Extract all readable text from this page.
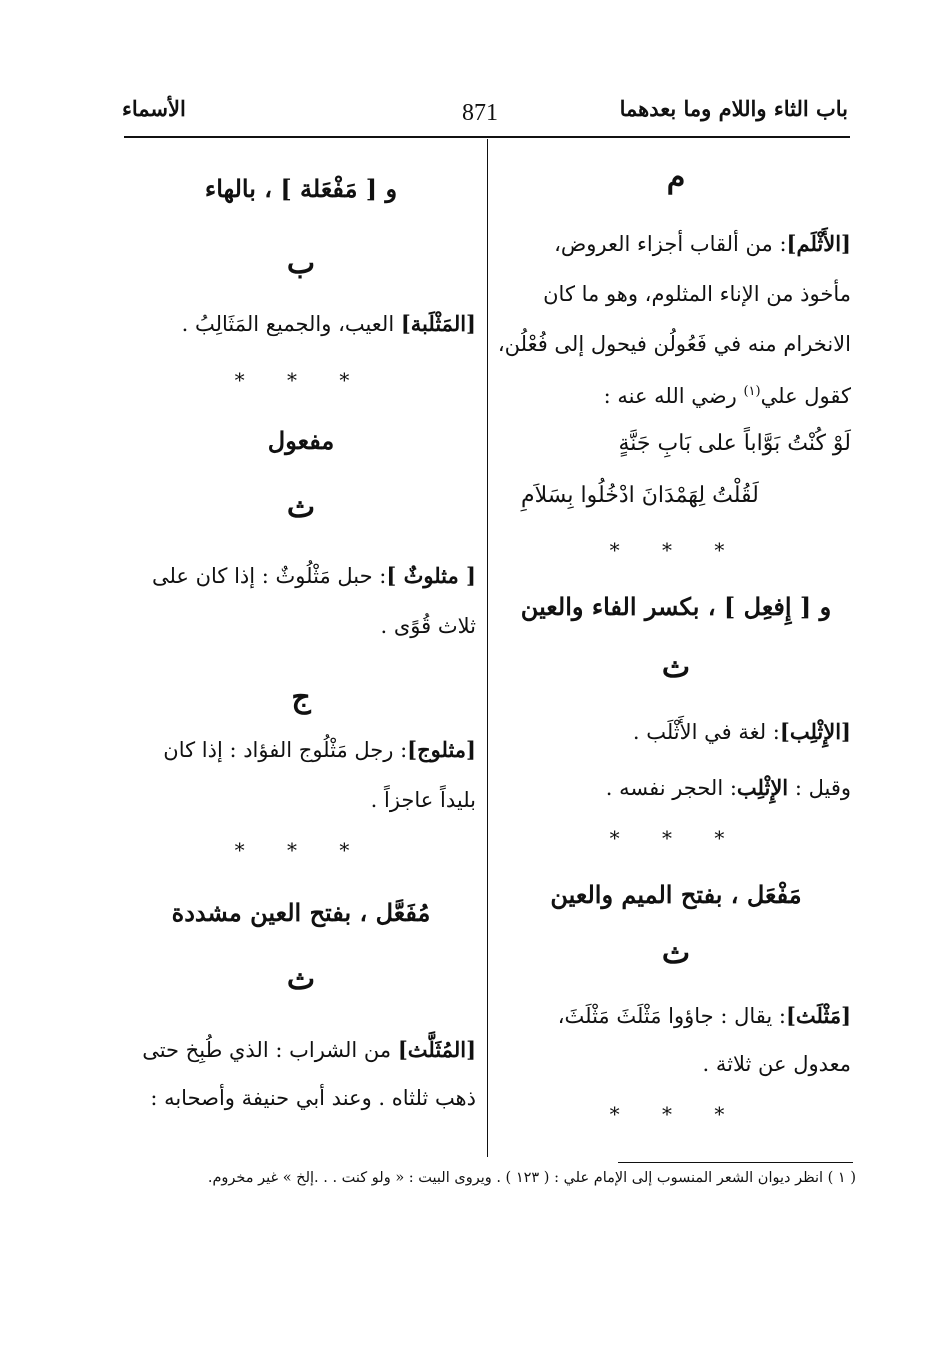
باب الثاء واللام وما بعدهما
871
الأسماء
م
[الأَثْلَم]: من ألقاب أجزاء العروض،
مأخوذ من الإناء المثلوم، وهو ما كان
الانخرام منه في فَعُولُن فيحول إلى فُعْلُن،
كقول علي$^{(١)}$ رضي الله عنه :
لَوْ كُنْتُ بَوَّاباً على بَابِ جَنَّةٍ
لَقُلْتُ لِهَمْدَانَ ادْخُلُوا بِسَلاَمِ
* * *
و [ إِفعِل ] ، بكسر الفاء والعين
ث
[الإِثْلِب]: لغة في الأَثْلَب .
وقيل : الإِثْلِب: الحجر نفسه .
* * *
مَفْعَل ، بفتح الميم والعين
ث
[مَثْلَث]: يقال : جاؤوا مَثْلَثَ مَثْلَثَ،
معدول عن ثلاثة .
* * *
و [ مَفْعَلة ] ، بالهاء
ب
[المَثْلَبة] العيب، والجميع المَثَالِبُ .
* * *
مفعول
ث
[ مثلوثٌ ]: حبل مَثْلُوثٌ : إذا كان على
ثلاث قُوًى .
ج
[مثلوج]: رجل مَثْلُوج الفؤاد : إذا كان
بليداً عاجزاً .
* * *
مُفَعَّل ، بفتح العين مشددة
ث
[المُثَلَّث] من الشراب : الذي طُبِخ حتى
ذهب ثلثاه . وعند أبي حنيفة وأصحابه :
( ١ ) انظر ديوان الشعر المنسوب إلى الإمام علي : ( ١٢٣ ) . ويروى البيت : « ولو كنت . . .إلخ » غير مخروم.
